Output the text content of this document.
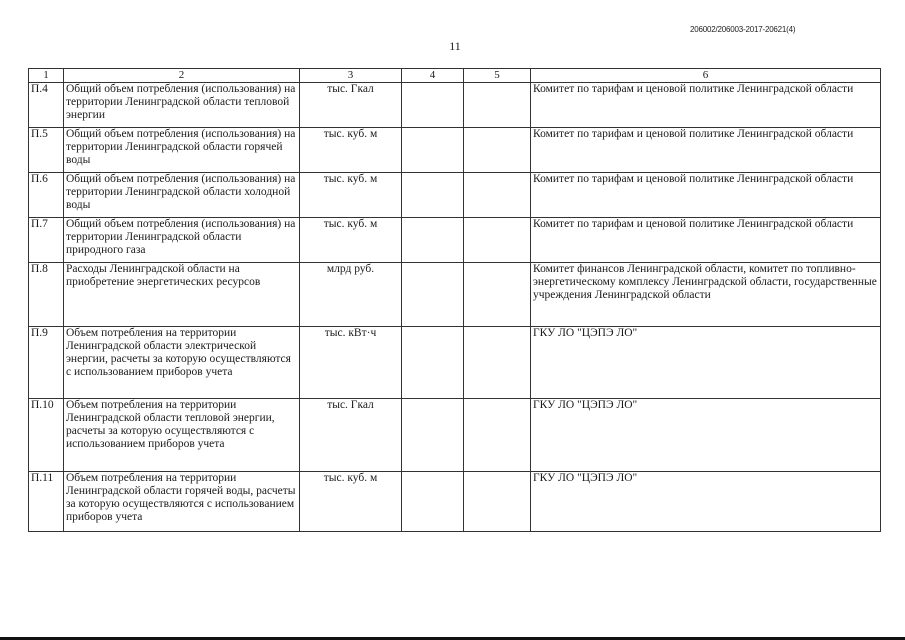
206002/206003-2017-20621(4)
11
1	2	3	4	5	6
П.4	Общий объем потребления (использования) на территории Ленинградской области тепловой энергии	тыс. Гкал			Комитет по тарифам и ценовой политике Ленинградской области
П.5	Общий объем потребления (использования) на территории Ленинградской области горячей воды	тыс. куб. м			Комитет по тарифам и ценовой политике Ленинградской области
П.6	Общий объем потребления (использования) на территории Ленинградской области холодной воды	тыс. куб. м			Комитет по тарифам и ценовой политике Ленинградской области
П.7	Общий объем потребления (использования) на территории Ленинградской области природного газа	тыс. куб. м			Комитет по тарифам и ценовой политике Ленинградской области
П.8	Расходы Ленинградской области на приобретение энергетических ресурсов	млрд руб.			Комитет финансов Ленинградской области, комитет по топливно-энергетическому комплексу Ленинградской области, государственные учреждения Ленинградской области
П.9	Объем потребления на территории Ленинградской области электрической энергии, расчеты за которую осуществляются с использованием приборов учета	тыс. кВт·ч			ГКУ ЛО "ЦЭПЭ ЛО"
П.10	Объем потребления на территории Ленинградской области тепловой энергии, расчеты за которую осуществляются с использованием приборов учета	тыс. Гкал			ГКУ ЛО "ЦЭПЭ ЛО"
П.11	Объем потребления на территории Ленинградской области горячей воды, расчеты за которую осуществляются с использованием приборов учета	тыс. куб. м			ГКУ ЛО "ЦЭПЭ ЛО"
